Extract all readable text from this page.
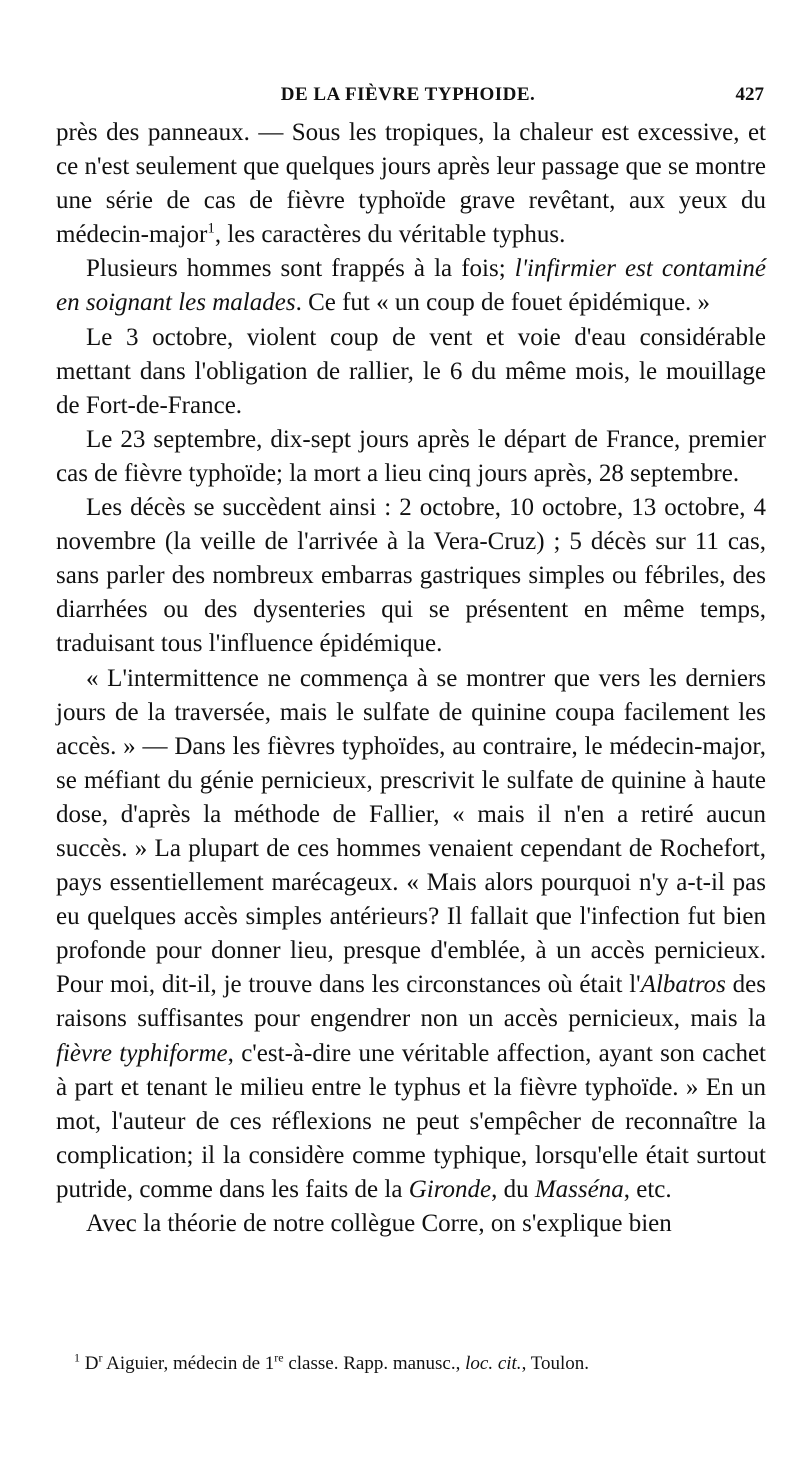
DE LA FIÈVRE TYPHOIDE.	427

près des panneaux. — Sous les tropiques, la chaleur est excessive, et ce n'est seulement que quelques jours après leur passage que se montre une série de cas de fièvre typhoïde grave revêtant, aux yeux du médecin-major$^1$, les caractères du véritable typhus.

Plusieurs hommes sont frappés à la fois; l'infirmier est contaminé en soignant les malades. Ce fut « un coup de fouet épidémique. »

Le 3 octobre, violent coup de vent et voie d'eau considérable mettant dans l'obligation de rallier, le 6 du même mois, le mouillage de Fort-de-France.

Le 23 septembre, dix-sept jours après le départ de France, premier cas de fièvre typhoïde; la mort a lieu cinq jours après, 28 septembre.

Les décès se succèdent ainsi : 2 octobre, 10 octobre, 13 octobre, 4 novembre (la veille de l'arrivée à la Vera-Cruz) ; 5 décès sur 11 cas, sans parler des nombreux embarras gastriques simples ou fébriles, des diarrhées ou des dysenteries qui se présentent en même temps, traduisant tous l'influence épidémique.

« L'intermittence ne commença à se montrer que vers les derniers jours de la traversée, mais le sulfate de quinine coupa facilement les accès. » — Dans les fièvres typhoïdes, au contraire, le médecin-major, se méfiant du génie pernicieux, prescrivit le sulfate de quinine à haute dose, d'après la méthode de Fallier, « mais il n'en a retiré aucun succès. » La plupart de ces hommes venaient cependant de Rochefort, pays essentiellement marécageux. « Mais alors pourquoi n'y a-t-il pas eu quelques accès simples antérieurs? Il fallait que l'infection fut bien profonde pour donner lieu, presque d'emblée, à un accès pernicieux. Pour moi, dit-il, je trouve dans les circonstances où était l'Albatros des raisons suffisantes pour engendrer non un accès pernicieux, mais la fièvre typhiforme, c'est-à-dire une véritable affection, ayant son cachet à part et tenant le milieu entre le typhus et la fièvre typhoïde. » En un mot, l'auteur de ces réflexions ne peut s'empêcher de reconnaître la complication; il la considère comme typhique, lorsqu'elle était surtout putride, comme dans les faits de la Gironde, du Masséna, etc.

Avec la théorie de notre collègue Corre, on s'explique bien

$^1$ $D^r$ Aiguier, médecin de 1re classe. Rapp. manusc., loc. cit., Toulon.
